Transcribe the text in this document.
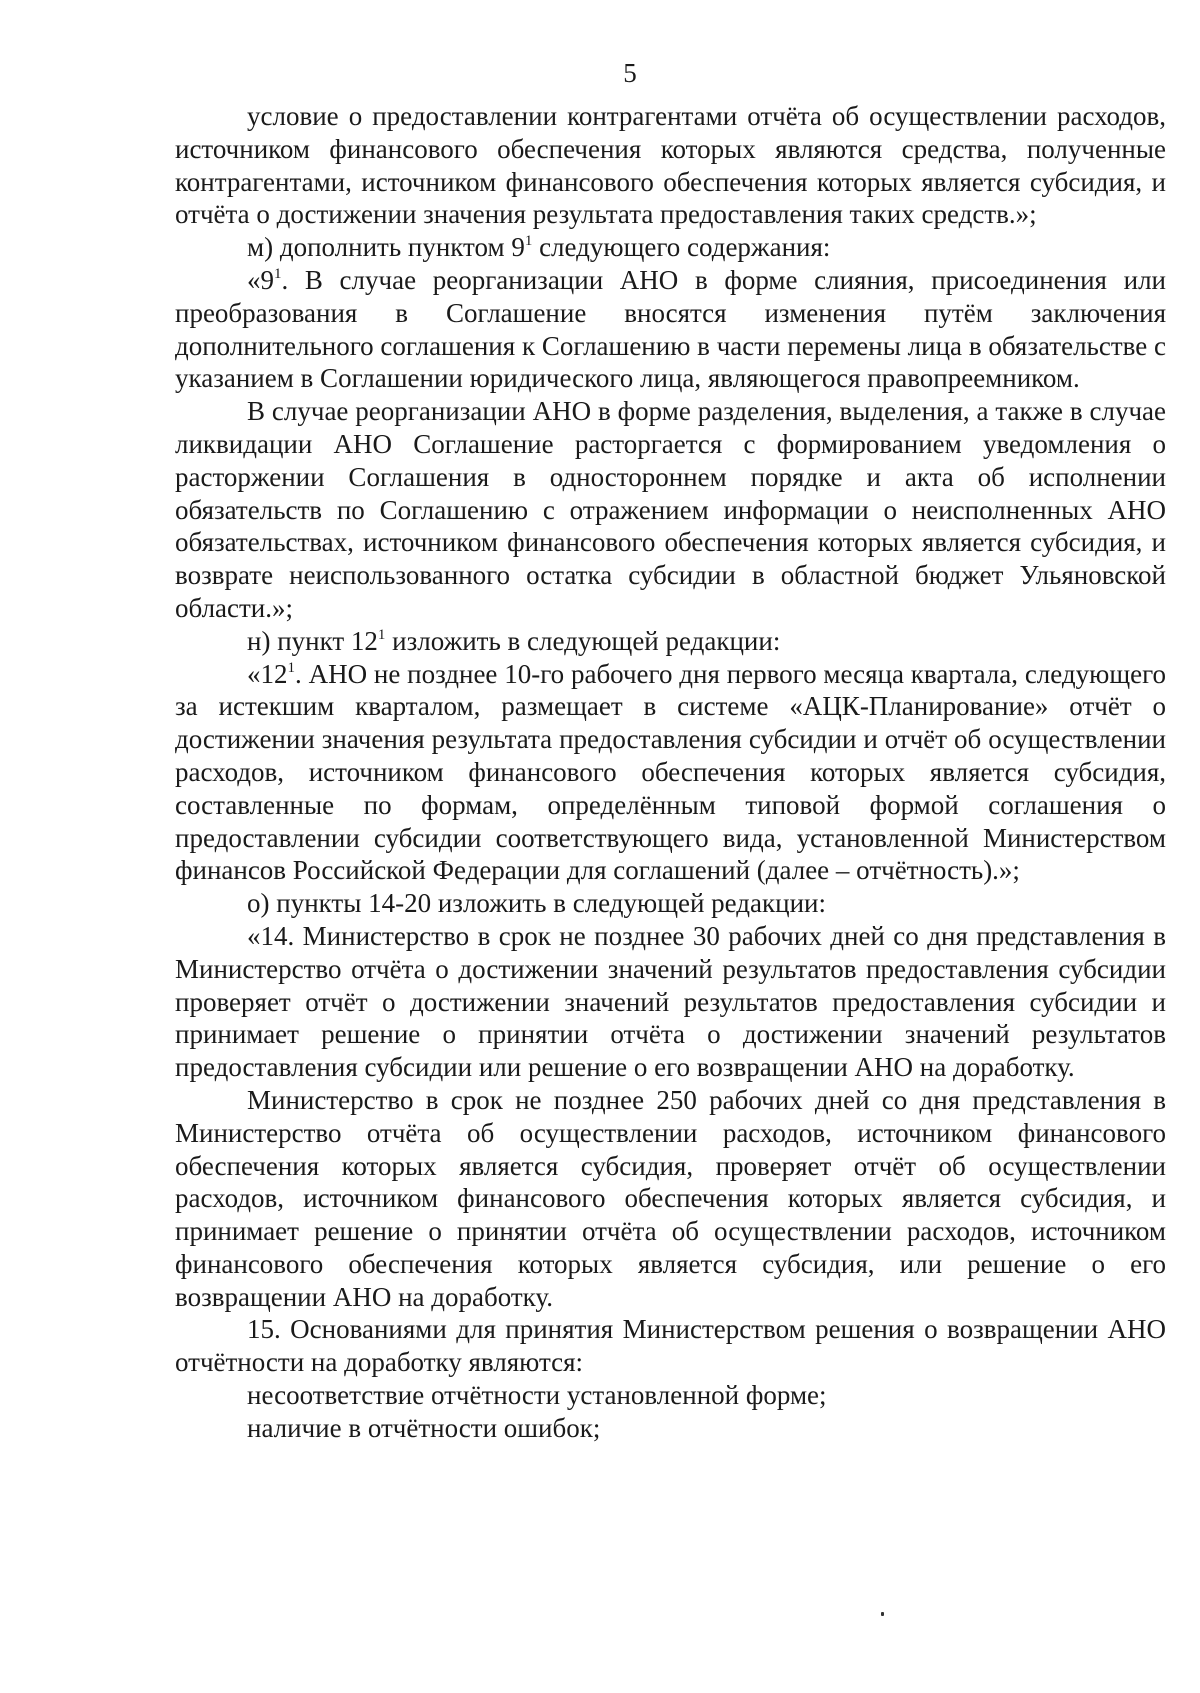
5

условие о предоставлении контрагентами отчёта об осуществлении расходов, источником финансового обеспечения которых являются средства, полученные контрагентами, источником финансового обеспечения которых является субсидия, и отчёта о достижении значения результата предоставления таких средств.»;

м) дополнить пунктом $9^1$ следующего содержания:

«$9^1$. В случае реорганизации АНО в форме слияния, присоединения или преобразования в Соглашение вносятся изменения путём заключения дополнительного соглашения к Соглашению в части перемены лица в обязательстве с указанием в Соглашении юридического лица, являющегося правопреемником.

В случае реорганизации АНО в форме разделения, выделения, а также в случае ликвидации АНО Соглашение расторгается с формированием уведомления о расторжении Соглашения в одностороннем порядке и акта об исполнении обязательств по Соглашению с отражением информации о неисполненных АНО обязательствах, источником финансового обеспечения которых является субсидия, и возврате неиспользованного остатка субсидии в областной бюджет Ульяновской области.»;

н) пункт $12^1$ изложить в следующей редакции:

«$12^1$. АНО не позднее 10-го рабочего дня первого месяца квартала, следующего за истекшим кварталом, размещает в системе «АЦК-Планирование» отчёт о достижении значения результата предоставления субсидии и отчёт об осуществлении расходов, источником финансового обеспечения которых является субсидия, составленные по формам, определённым типовой формой соглашения о предоставлении субсидии соответствующего вида, установленной Министерством финансов Российской Федерации для соглашений (далее – отчётность).»;

о) пункты 14-20 изложить в следующей редакции:

«14. Министерство в срок не позднее 30 рабочих дней со дня представления в Министерство отчёта о достижении значений результатов предоставления субсидии проверяет отчёт о достижении значений результатов предоставления субсидии и принимает решение о принятии отчёта о достижении значений результатов предоставления субсидии или решение о его возвращении АНО на доработку.

Министерство в срок не позднее 250 рабочих дней со дня представления в Министерство отчёта об осуществлении расходов, источником финансового обеспечения которых является субсидия, проверяет отчёт об осуществлении расходов, источником финансового обеспечения которых является субсидия, и принимает решение о принятии отчёта об осуществлении расходов, источником финансового обеспечения которых является субсидия, или решение о его возвращении АНО на доработку.

15. Основаниями для принятия Министерством решения о возвращении АНО отчётности на доработку являются:

несоответствие отчётности установленной форме;

наличие в отчётности ошибок;
